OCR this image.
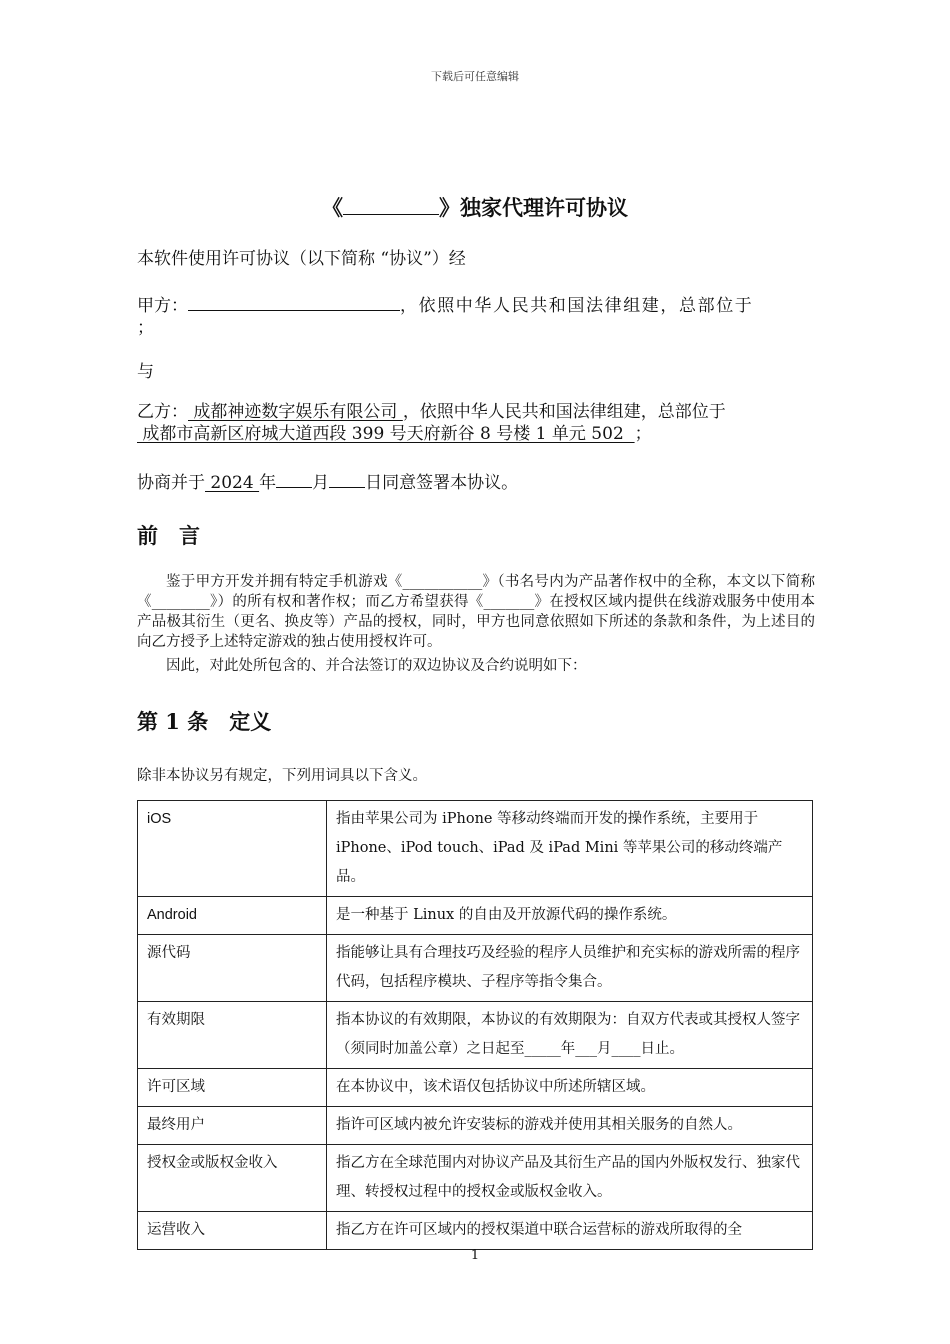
下载后可任意编辑
《	》独家代理许可协议
本软件使用许可协议（以下简称 “协议”）经
甲方：	，依照中华人民共和国法律组建，总部位于
；
与
乙方： 成都神迹数字娱乐有限公司 ，依照中华人民共和国法律组建，总部位于
成都市高新区府城大道西段 399 号天府新谷 8 号楼 1 单元 502  ；
协商并于 2024 年 月 日同意签署本协议。
前　言
鉴于甲方开发并拥有特定手机游戏《___________》（书名号内为产品著作权中的全称，本文以下简称《________》）的所有权和著作权；而乙方希望获得《_______》在授权区域内提供在线游戏服务中使用本产品极其衍生（更名、换皮等）产品的授权，同时，甲方也同意依照如下所述的条款和条件，为上述目的向乙方授予上述特定游戏的独占使用授权许可。
因此，对此处所包含的、并合法签订的双边协议及合约说明如下：
第 1 条　定义
除非本协议另有规定，下列用词具以下含义。
iOS	指由苹果公司为 iPhone 等移动终端而开发的操作系统，主要用于 iPhone、iPod touch、iPad 及 iPad Mini 等苹果公司的移动终端产品。
Android	是一种基于 Linux 的自由及开放源代码的操作系统。
源代码	指能够让具有合理技巧及经验的程序人员维护和充实标的游戏所需的程序代码，包括程序模块、子程序等指令集合。
有效期限	指本协议的有效期限，本协议的有效期限为：自双方代表或其授权人签字（须同时加盖公章）之日起至_____年___月____日止。
许可区域	在本协议中，该术语仅包括协议中所述所辖区域。
最终用户	指许可区域内被允许安装标的游戏并使用其相关服务的自然人。
授权金或版权金收入	指乙方在全球范围内对协议产品及其衍生产品的国内外版权发行、独家代理、转授权过程中的授权金或版权金收入。
运营收入	指乙方在许可区域内的授权渠道中联合运营标的游戏所取得的全
1
